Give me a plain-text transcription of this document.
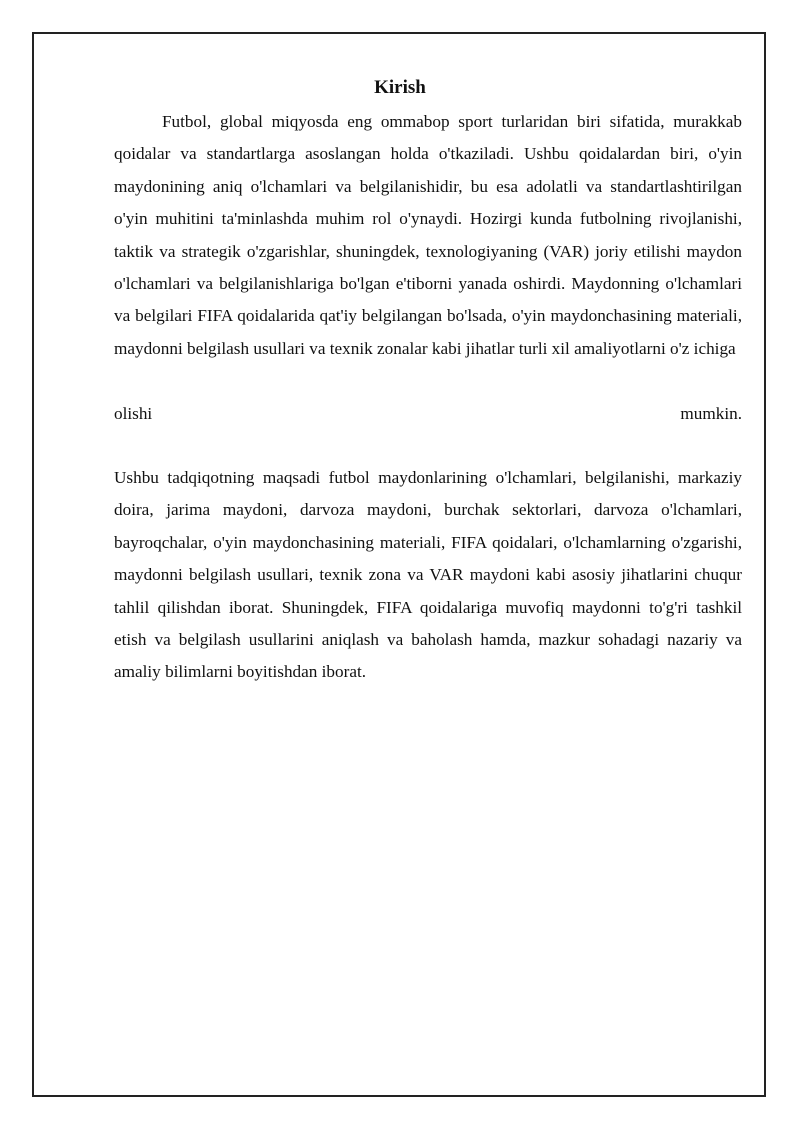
Kirish

Futbol, global miqyosda eng ommabop sport turlaridan biri sifatida, murakkab qoidalar va standartlarga asoslangan holda o'tkaziladi. Ushbu qoidalardan biri, o'yin maydonining aniq o'lchamlari va belgilanishidir, bu esa adolatli va standartlashtirilgan o'yin muhitini ta'minlashda muhim rol o'ynaydi. Hozirgi kunda futbolning rivojlanishi, taktik va strategik o'zgarishlar, shuningdek, texnologiyaning (VAR) joriy etilishi maydon o'lchamlari va belgilanishlariga bo'lgan e'tiborni yanada oshirdi. Maydonning o'lchamlari va belgilari FIFA qoidalarida qat'iy belgilangan bo'lsada, o'yin maydonchasining materiali, maydonni belgilash usullari va texnik zonalar kabi jihatlar turli xil amaliyotlarni o'z ichiga

olishi mumkin.

Ushbu tadqiqotning maqsadi futbol maydonlarining o'lchamlari, belgilanishi, markaziy doira, jarima maydoni, darvoza maydoni, burchak sektorlari, darvoza o'lchamlari, bayroqchalar, o'yin maydonchasining materiali, FIFA qoidalari, o'lchamlarning o'zgarishi, maydonni belgilash usullari, texnik zona va VAR maydoni kabi asosiy jihatlarini chuqur tahlil qilishdan iborat. Shuningdek, FIFA qoidalariga muvofiq maydonni to'g'ri tashkil etish va belgilash usullarini aniqlash va baholash hamda, mazkur sohadagi nazariy va amaliy bilimlarni boyitishdan iborat.
